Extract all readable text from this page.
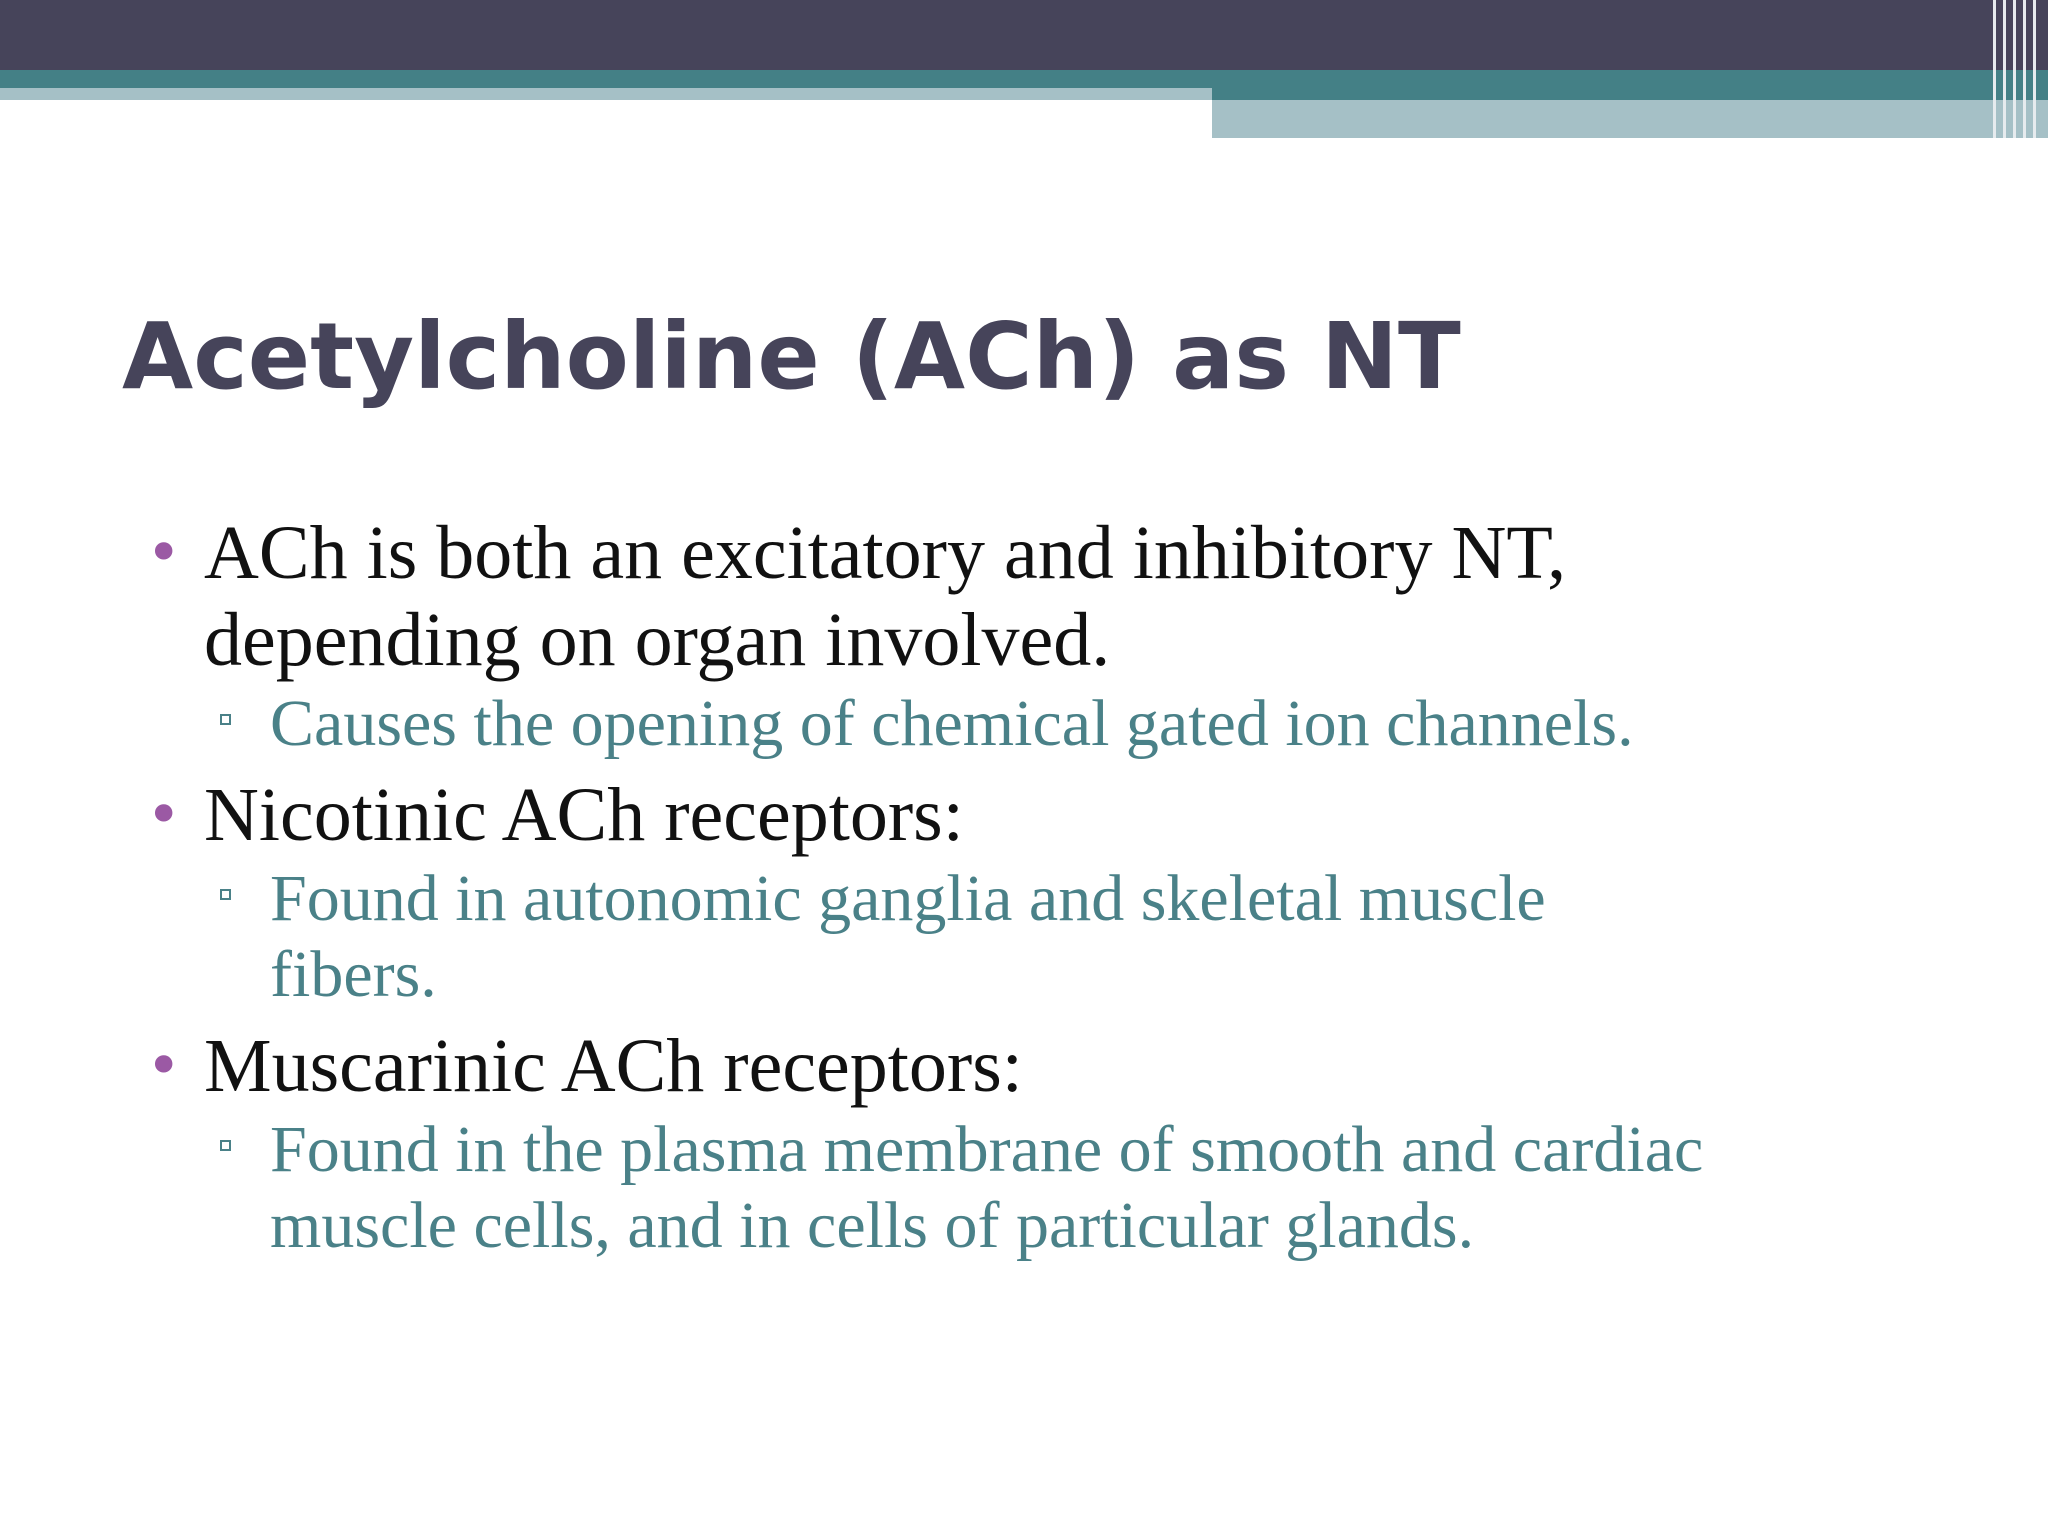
Acetylcholine (ACh) as NT
• ACh is both an excitatory and inhibitory NT,
depending on organ involved.
Causes the opening of chemical gated ion channels.
• Nicotinic ACh receptors:
Found in autonomic ganglia and skeletal muscle
fibers.
• Muscarinic ACh receptors:
Found in the plasma membrane of smooth and cardiac
muscle cells, and in cells of particular glands.
